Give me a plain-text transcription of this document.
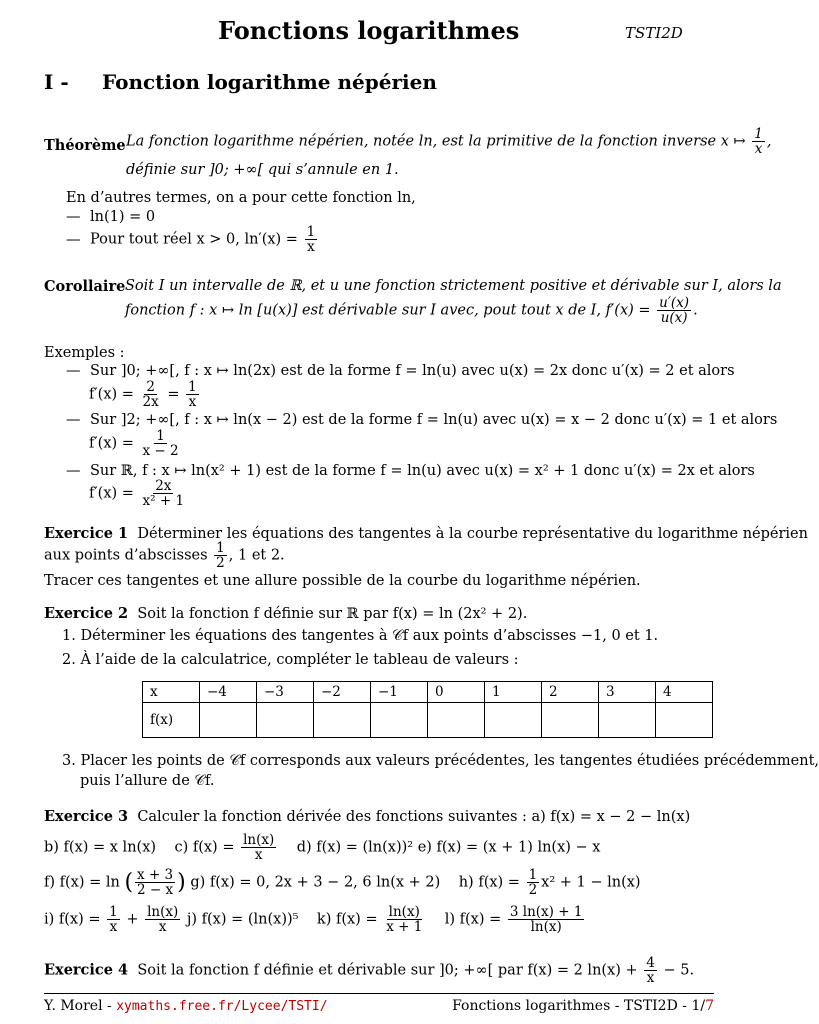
Fonctions logarithmes	TSTI2D
I - Fonction logarithme népérien
Théorème La fonction logarithme népérien, notée ln, est la primitive de la fonction inverse x ↦ $\frac{1}{x}$ ,
définie sur ]0; +∞[ qui s’annule en 1.
En d’autres termes, on a pour cette fonction ln,
— ln(1) = 0
— Pour tout réel x > 0, $\ln'(x) = \frac{1}{x}$
Corollaire Soit I un intervalle de ℝ, et u une fonction strictement positive et dérivable sur I, alors la
fonction f : x ↦ ln [u(x)] est dérivable sur I avec, pout tout x de I, $f'(x) = \frac{u'(x)}{u(x)}$ .
Exemples :
— Sur ]0; +∞[, f : x ↦ ln(2x) est de la forme f = ln(u) avec u(x) = 2x donc u′(x) = 2 et alors
$f'(x) = \frac{2}{2x} = \frac{1}{x}$
— Sur ]2; +∞[, f : x ↦ ln(x − 2) est de la forme f = ln(u) avec u(x) = x − 2 donc u′(x) = 1 et alors
$f'(x) = \frac{1}{x - 2}$
— Sur ℝ, f : x ↦ ln(x² + 1) est de la forme f = ln(u) avec u(x) = x² + 1 donc u′(x) = 2x et alors
$f'(x) = \frac{2x}{\text{x² + 1}}$
Exercice 1 Déterminer les équations des tangentes à la courbe représentative du logarithme népérien
aux points d’abscisses $\frac{1}{2}$ , 1 et 2.
Tracer ces tangentes et une allure possible de la courbe du logarithme népérien.
Exercice 2 Soit la fonction f définie sur ℝ par f(x) = ln (2x² + 2).
1. Déterminer les équations des tangentes à 𝒞f aux points d’abscisses −1, 0 et 1.
2. À l’aide de la calculatrice, compléter le tableau de valeurs :
x	−4	−3	−2	−1	0	1	2	3	4
f(x)									
3. Placer les points de 𝒞f corresponds aux valeurs précédentes, les tangentes étudiées précédemment,
puis l’allure de 𝒞f.
Exercice 3 Calculer la fonction dérivée des fonctions suivantes : a) f(x) = x − 2 − ln(x)
b) f(x) = x ln(x) c) $f(x) = \frac{\ln(x)}{x} d$) f(x) = (ln(x))² e) f(x) = (x + 1) ln(x) − x
f) f(x) = ln ( $\frac{x + 3}{2 - x}$ ) g) f(x) = 0, 2x + 3 − 2, 6 ln(x + 2) h) $f(x) = \frac{1}{2} x^2 + 1 - \ln(x)$
i) $f(x) = \frac{1}{x} + \frac{\ln(x)}{x} j$) f(x) = (ln(x))⁵ k) $f(x) = \frac{\ln(x)}{x + 1} l$) $f(x) = \frac{3 \ln(x) + 1}{\ln(x)}$
Exercice 4 Soit la fonction f définie et dérivable sur ]0; +∞[ par f(x) = 2 $\ln(x) + \frac{4}{x} - 5$.
Y. Morel - xymaths.free.fr/Lycee/TSTI/	Fonctions logarithmes - TSTI2D - 1/7
